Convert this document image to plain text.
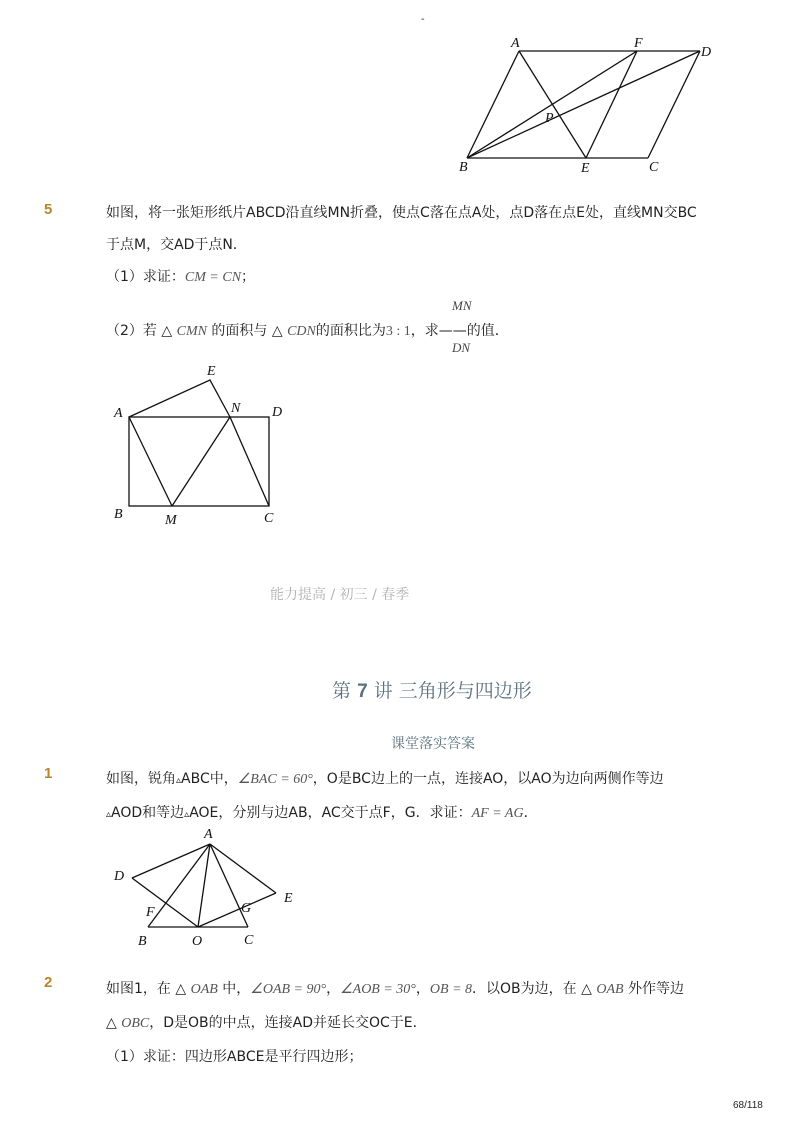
-
A	F
D
P
B	E	C
5	如图，将一张矩形纸片ABCD沿直线MN折叠，使点C落在点A处，点D落在点E处，直线MN交BC
于点M，交AD于点N．
（1）求证：CM = CN；
MN
（2）若 △ CMN 的面积与 △ CDN的面积比为3 : 1，求——的值．
DN
E
A	N D
B	M	C
能力提高 / 初三 / 春季
第 7 讲 三角形与四边形
课堂落实答案
1	如图，锐角▵ABC中，∠BAC = 60°，O是BC边上的一点，连接AO，以AO为边向两侧作等边
▵AOD和等边▵AOE，分别与边AB，AC交于点F，G．求证：AF = AG．
A
D
E
F	G
B	O	C
2	如图1，在 △ OAB 中，∠OAB = 90°，∠AOB = 30°，OB = 8．以OB为边，在 △ OAB 外作等边
△ OBC，D是OB的中点，连接AD并延长交OC于E．
（1）求证：四边形ABCE是平行四边形；
68/118
